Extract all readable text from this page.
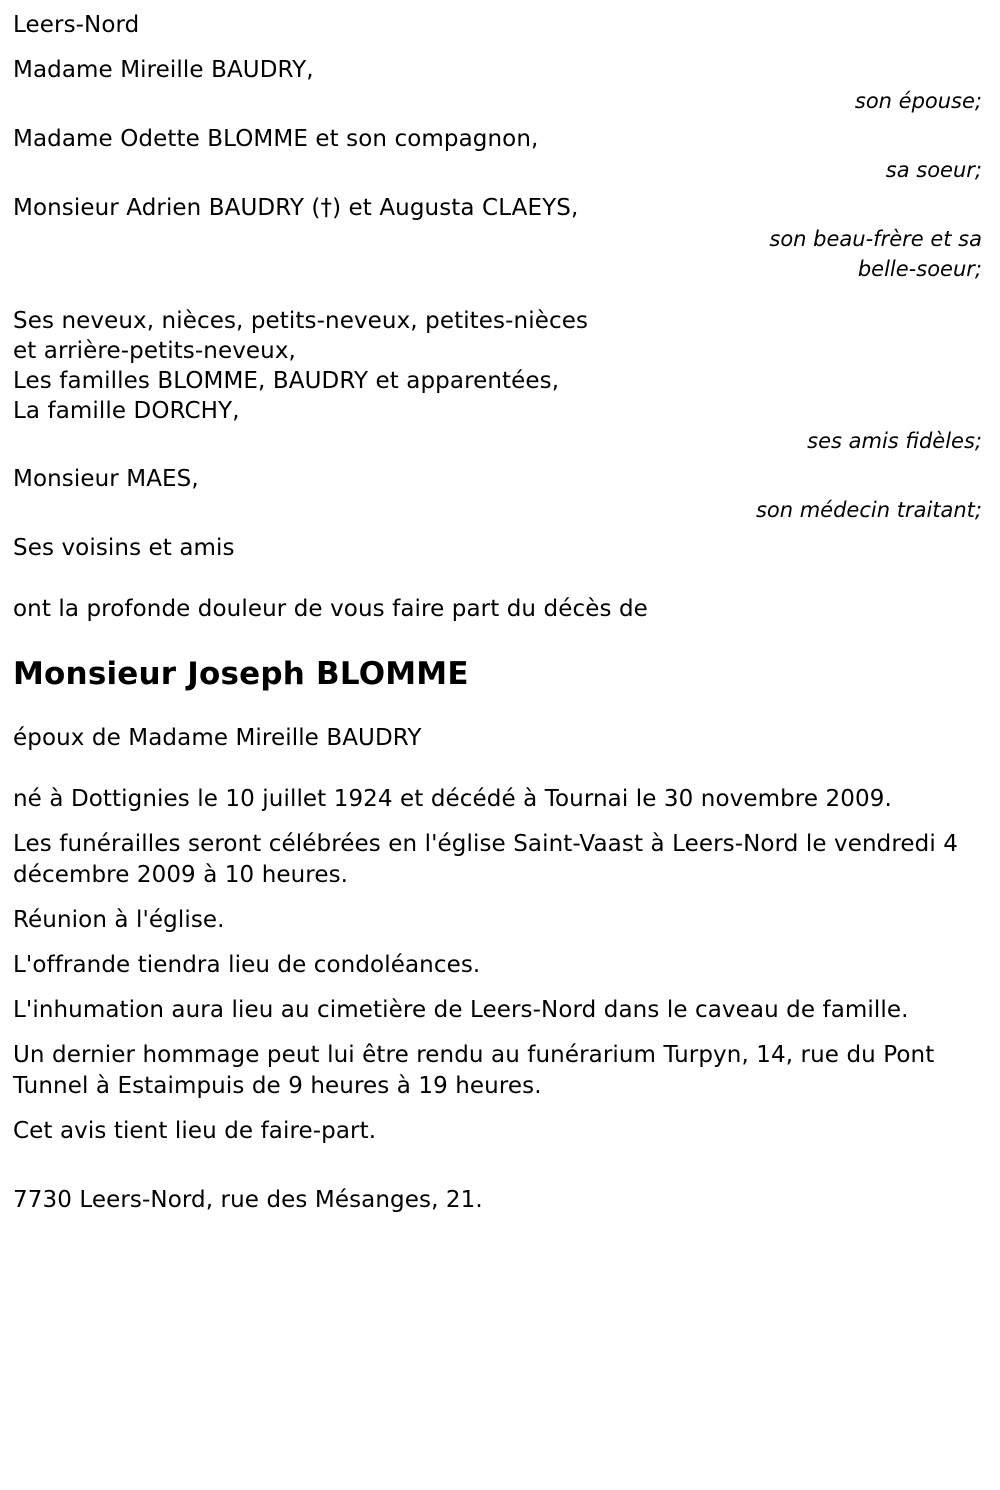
Leers-Nord
Madame Mireille BAUDRY,
son épouse;
Madame Odette BLOMME et son compagnon,
sa soeur;
Monsieur Adrien BAUDRY (†) et Augusta CLAEYS,
son beau-frère et sa belle-soeur;
Ses neveux, nièces, petits-neveux, petites-nièces
et arrière-petits-neveux,
Les familles BLOMME, BAUDRY et apparentées,
La famille DORCHY,
ses amis fidèles;
Monsieur MAES,
son médecin traitant;
Ses voisins et amis
ont la profonde douleur de vous faire part du décès de
Monsieur Joseph BLOMME
époux de Madame Mireille BAUDRY
né à Dottignies le 10 juillet 1924 et décédé à Tournai le 30 novembre 2009.
Les funérailles seront célébrées en l'église Saint-Vaast à Leers-Nord le vendredi 4 décembre 2009 à 10 heures.
Réunion à l'église.
L'offrande tiendra lieu de condoléances.
L'inhumation aura lieu au cimetière de Leers-Nord dans le caveau de famille.
Un dernier hommage peut lui être rendu au funérarium Turpyn, 14, rue du Pont Tunnel à Estaimpuis de 9 heures à 19 heures.
Cet avis tient lieu de faire-part.
7730 Leers-Nord, rue des Mésanges, 21.
